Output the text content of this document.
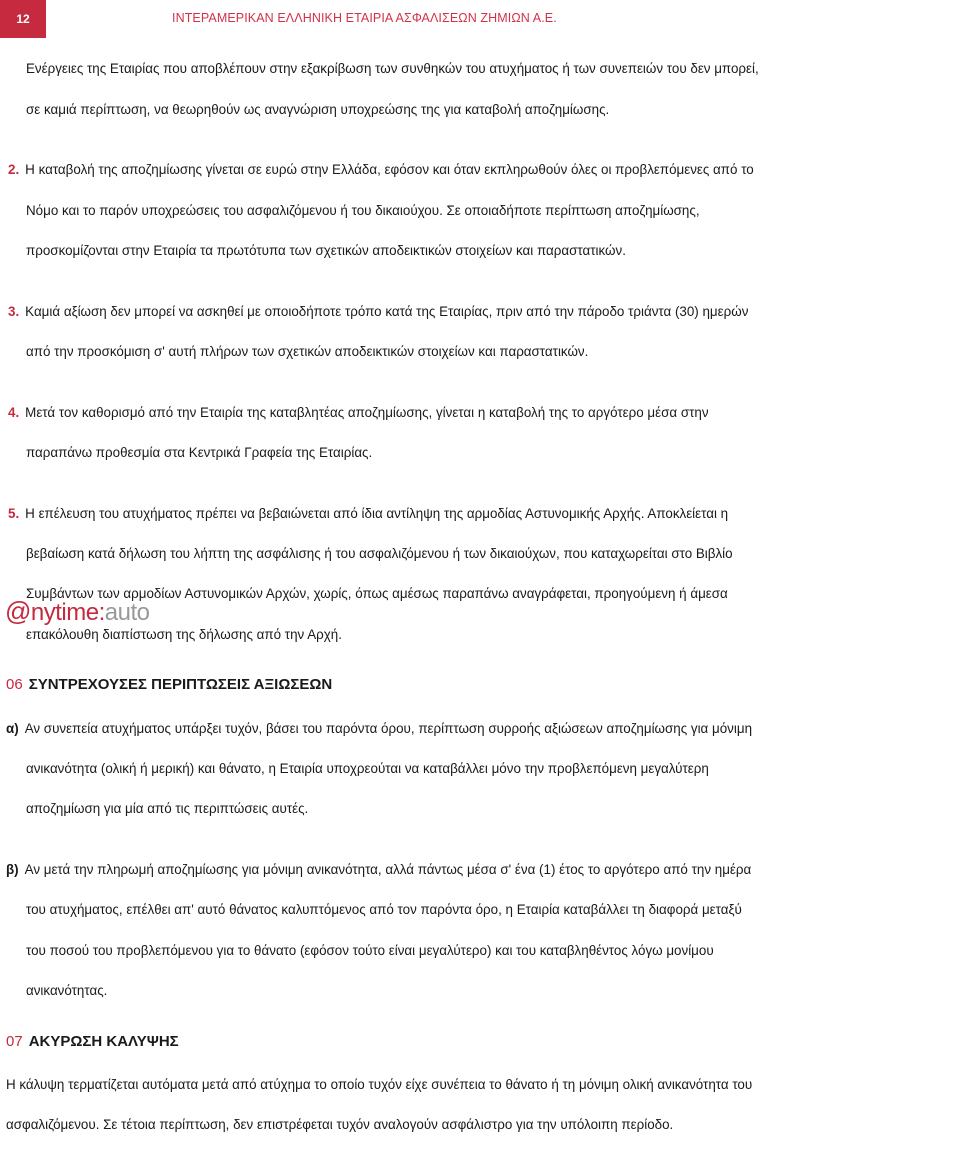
12	ΙΝΤΕΡΑΜΕΡΙΚΑΝ ΕΛΛΗΝΙΚΗ ΕΤΑΙΡΙΑ ΑΣΦΑΛΙΣΕΩΝ ΖΗΜΙΩΝ Α.Ε.

Ενέργειες της Εταιρίας που αποβλέπουν στην εξακρίβωση των συνθηκών του ατυχήματος ή των συνεπειών του δεν μπορεί,

σε καμιά περίπτωση, να θεωρηθούν ως αναγνώριση υποχρεώσης της για καταβολή αποζημίωσης.

2. Η καταβολή της αποζημίωσης γίνεται σε ευρώ στην Ελλάδα, εφόσον και όταν εκπληρωθούν όλες οι προβλεπόμενες από το

Νόμο και το παρόν υποχρεώσεις του ασφαλιζόμενου ή του δικαιούχου. Σε οποιαδήποτε περίπτωση αποζημίωσης,

προσκομίζονται στην Εταιρία τα πρωτότυπα των σχετικών αποδεικτικών στοιχείων και παραστατικών.

3. Καμιά αξίωση δεν μπορεί να ασκηθεί με οποιοδήποτε τρόπο κατά της Εταιρίας, πριν από την πάροδο τριάντα (30) ημερών

από την προσκόμιση σ' αυτή πλήρων των σχετικών αποδεικτικών στοιχείων και παραστατικών.

4. Μετά τον καθορισμό από την Εταιρία της καταβλητέας αποζημίωσης, γίνεται η καταβολή της το αργότερο μέσα στην

παραπάνω προθεσμία στα Κεντρικά Γραφεία της Εταιρίας.

5. Η επέλευση του ατυχήματος πρέπει να βεβαιώνεται από ίδια αντίληψη της αρμοδίας Αστυνομικής Αρχής. Αποκλείεται η

βεβαίωση κατά δήλωση του λήπτη της ασφάλισης ή του ασφαλιζόμενου ή των δικαιούχων, που καταχωρείται στο Βιβλίο

Συμβάντων των αρμοδίων Αστυνομικών Αρχών, χωρίς, όπως αμέσως παραπάνω αναγράφεται, προηγούμενη ή άμεσα

επακόλουθη διαπίστωση της δήλωσης από την Αρχή.

06 ΣΥΝΤΡΕΧΟΥΣΕΣ ΠΕΡΙΠΤΩΣΕΙΣ ΑΞΙΩΣΕΩΝ

α) Αν συνεπεία ατυχήματος υπάρξει τυχόν, βάσει του παρόντα όρου, περίπτωση συρροής αξιώσεων αποζημίωσης για μόνιμη

ανικανότητα (ολική ή μερική) και θάνατο, η Εταιρία υποχρεούται να καταβάλλει μόνο την προβλεπόμενη μεγαλύτερη

αποζημίωση για μία από τις περιπτώσεις αυτές.

β) Αν μετά την πληρωμή αποζημίωσης για μόνιμη ανικανότητα, αλλά πάντως μέσα σ' ένα (1) έτος το αργότερο από την ημέρα

του ατυχήματος, επέλθει απ' αυτό θάνατος καλυπτόμενος από τον παρόντα όρο, η Εταιρία καταβάλλει τη διαφορά μεταξύ

του ποσού του προβλεπόμενου για το θάνατο (εφόσον τούτο είναι μεγαλύτερο) και του καταβληθέντος λόγω μονίμου

ανικανότητας.

07 ΑΚΥΡΩΣΗ ΚΑΛΥΨΗΣ

Η κάλυψη τερματίζεται αυτόματα μετά από ατύχημα το οποίο τυχόν είχε συνέπεια το θάνατο ή τη μόνιμη ολική ανικανότητα του

ασφαλιζόμενου. Σε τέτοια περίπτωση, δεν επιστρέφεται τυχόν αναλογούν ασφάλιστρο για την υπόλοιπη περίοδο.

@nytime:auto
